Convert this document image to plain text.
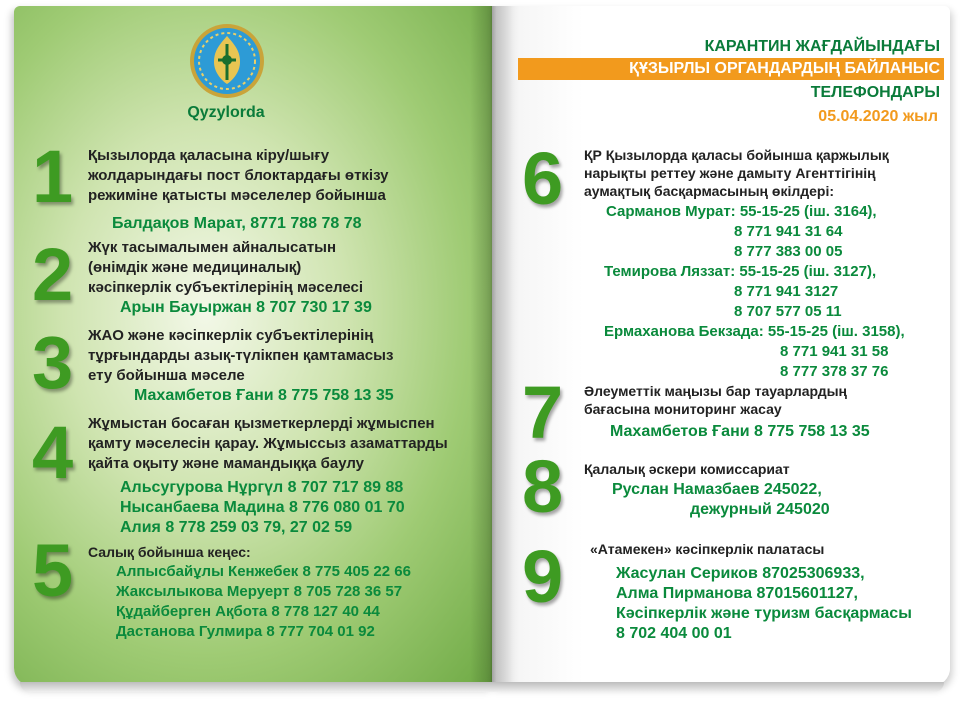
Qyzylorda
КАРАНТИН ЖАҒДАЙЫНДАҒЫ
ҚҰЗЫРЛЫ ОРГАНДАРДЫҢ БАЙЛАНЫС
ТЕЛЕФОНДАРЫ
05.04.2020 жыл
1 Қызылорда қаласына кіру/шығу
жолдарындағы пост блоктардағы өткізу
режиміне қатысты мәселелер бойынша
Балдақов Марат, 8771 788 78 78
2 Жүк тасымалымен айналысатын
(өнімдік және медициналық)
кәсіпкерлік субъектілерінің мәселесі
Арын Бауыржан 8 707 730 17 39
3 ЖАО және кәсіпкерлік субъектілерінің
тұрғындарды азық-түлікпен қамтамасыз
ету бойынша мәселе
Махамбетов Ғани 8 775 758 13 35
4 Жұмыстан босаған қызметкерлерді жұмыспен
қамту мәселесін қарау. Жұмыссыз азаматтарды
қайта оқыту және мамандыққа баулу
Альсугурова Нұргүл 8 707 717 89 88
Нысанбаева Мадина 8 776 080 01 70
Алия 8 778 259 03 79, 27 02 59
5 Салық бойынша кеңес:
Алпысбайұлы Кенжебек 8 775 405 22 66
Жаксылыкова Меруерт 8 705 728 36 57
Құдайберген Ақбота 8 778 127 40 44
Дастанова Гулмира 8 777 704 01 92
6 ҚР Қызылорда қаласы бойынша қаржылық
нарықты реттеу және дамыту Агенттігінің
аумақтық басқармасының өкілдері:
Сарманов Мурат: 55-15-25 (іш. 3164),
8 771 941 31 64
8 777 383 00 05
Темирова Ляззат: 55-15-25 (іш. 3127),
8 771 941 3127
8 707 577 05 11
Ермаханова Бекзада: 55-15-25 (іш. 3158),
8 771 941 31 58
8 777 378 37 76
7 Әлеуметтік маңызы бар тауарлардың
бағасына мониторинг жасау
Махамбетов Ғани 8 775 758 13 35
8 Қалалық әскери комиссариат
Руслан Намазбаев 245022,
дежурный 245020
9 «Атамекен» кәсіпкерлік палатасы
Жасулан Сериков 87025306933,
Алма Пирманова 87015601127,
Кәсіпкерлік және туризм басқармасы
8 702 404 00 01
